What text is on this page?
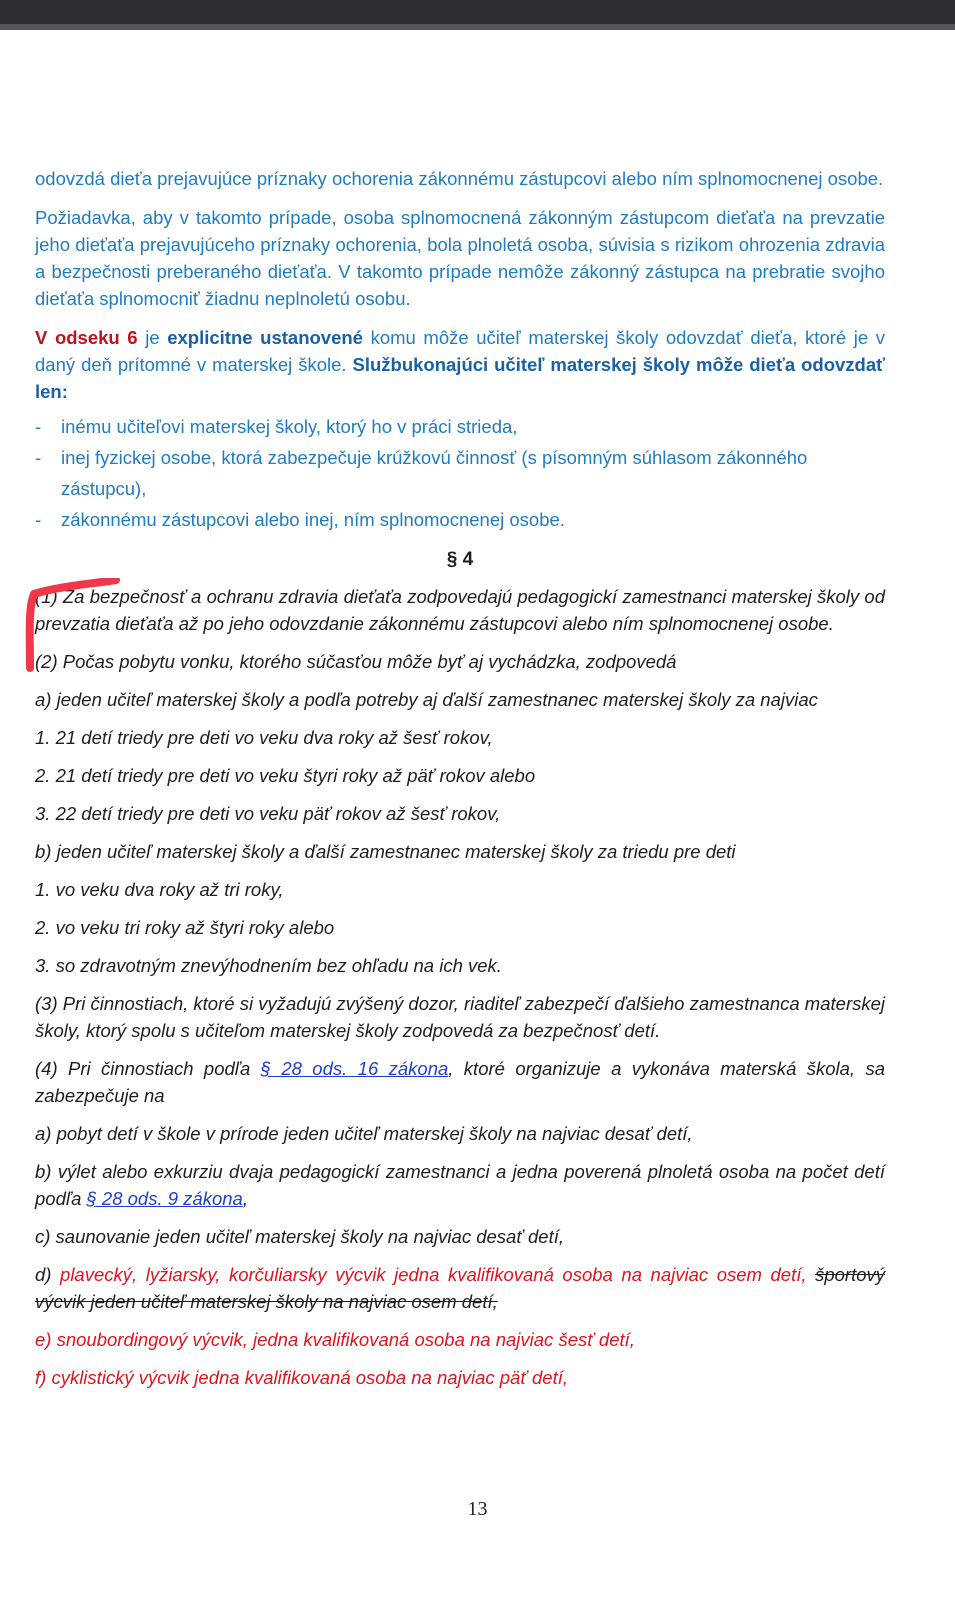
odovzdá dieťa prejavujúce príznaky ochorenia zákonnému zástupcovi alebo ním splnomocnenej osobe.

Požiadavka, aby v takomto prípade, osoba splnomocnená zákonným zástupcom dieťaťa na prevzatie jeho dieťaťa prejavujúceho príznaky ochorenia, bola plnoletá osoba, súvisia s rizikom ohrozenia zdravia a bezpečnosti preberaného dieťaťa. V takomto prípade nemôže zákonný zástupca na prebratie svojho dieťaťa splnomocniť žiadnu neplnoletú osobu.

V odseku 6 je explicitne ustanovené komu môže učiteľ materskej školy odovzdať dieťa, ktoré je v daný deň prítomné v materskej škole. Službukonajúci učiteľ materskej školy môže dieťa odovzdať len:

- inému učiteľovi materskej školy, ktorý ho v práci strieda,
- inej fyzickej osobe, ktorá zabezpečuje krúžkovú činnosť (s písomným súhlasom zákonného zástupcu),
- zákonnému zástupcovi alebo inej, ním splnomocnenej osobe.

§ 4

(1) Za bezpečnosť a ochranu zdravia dieťaťa zodpovedajú pedagogickí zamestnanci materskej školy od prevzatia dieťaťa až po jeho odovzdanie zákonnému zástupcovi alebo ním splnomocnenej osobe.

(2) Počas pobytu vonku, ktorého súčasťou môže byť aj vychádzka, zodpovedá

a) jeden učiteľ materskej školy a podľa potreby aj ďalší zamestnanec materskej školy za najviac

1. 21 detí triedy pre deti vo veku dva roky až šesť rokov,

2. 21 detí triedy pre deti vo veku štyri roky až päť rokov alebo

3. 22 detí triedy pre deti vo veku päť rokov až šesť rokov,

b) jeden učiteľ materskej školy a ďalší zamestnanec materskej školy za triedu pre deti

1. vo veku dva roky až tri roky,

2. vo veku tri roky až štyri roky alebo

3. so zdravotným znevýhodnením bez ohľadu na ich vek.

(3) Pri činnostiach, ktoré si vyžadujú zvýšený dozor, riaditeľ zabezpečí ďalšieho zamestnanca materskej školy, ktorý spolu s učiteľom materskej školy zodpovedá za bezpečnosť detí.

(4) Pri činnostiach podľa § 28 ods. 16 zákona, ktoré organizuje a vykonáva materská škola, sa zabezpečuje na

a) pobyt detí v škole v prírode jeden učiteľ materskej školy na najviac desať detí,

b) výlet alebo exkurziu dvaja pedagogickí zamestnanci a jedna poverená plnoletá osoba na počet detí podľa § 28 ods. 9 zákona,

c) saunovanie jeden učiteľ materskej školy na najviac desať detí,

d) plavecký, lyžiarsky, korčuliarsky výcvik jedna kvalifikovaná osoba na najviac osem detí, športový výcvik jeden učiteľ materskej školy na najviac osem detí,

e) snoubordingový výcvik, jedna kvalifikovaná osoba na najviac šesť detí,

f) cyklistický výcvik jedna kvalifikovaná osoba na najviac päť detí,

13
